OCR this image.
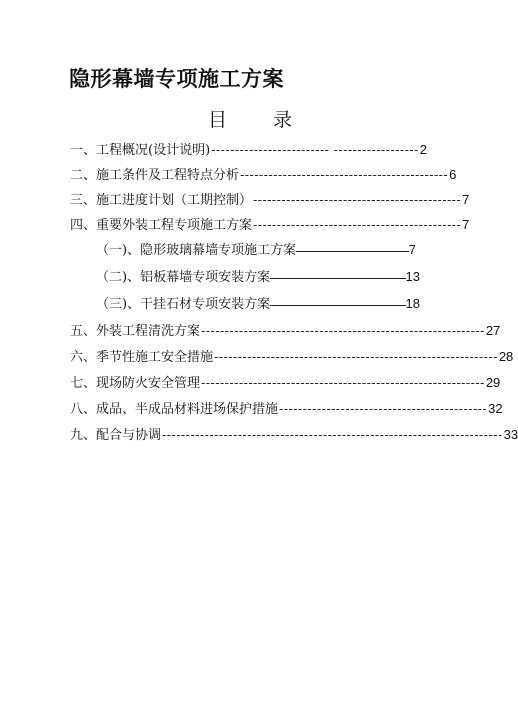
隐形幕墙专项施工方案
目 录
一、工程概况(设计说明) ------------------------- ------------------ 2
二、施工条件及工程特点分析 -------------------------------------------- 6
三、施工进度计划（工期控制） -------------------------------------------- 7
四、重要外装工程专项施工方案 -------------------------------------------- 7
（一)、隐形玻璃幕墙专项施工方案	7
（二)、铝板幕墙专项安装方案	13
（三)、干挂石材专项安装方案	18
五、外装工程清洗方案 ------------------------------------------------------------ 27
六、季节性施工安全措施 ------------------------------------------------------------ 28
七、现场防火安全管理 ------------------------------------------------------------ 29
八、成品、半成品材料进场保护措施 -------------------------------------------- 32
九、配合与协调 ------------------------------------------------------------------------ 33
